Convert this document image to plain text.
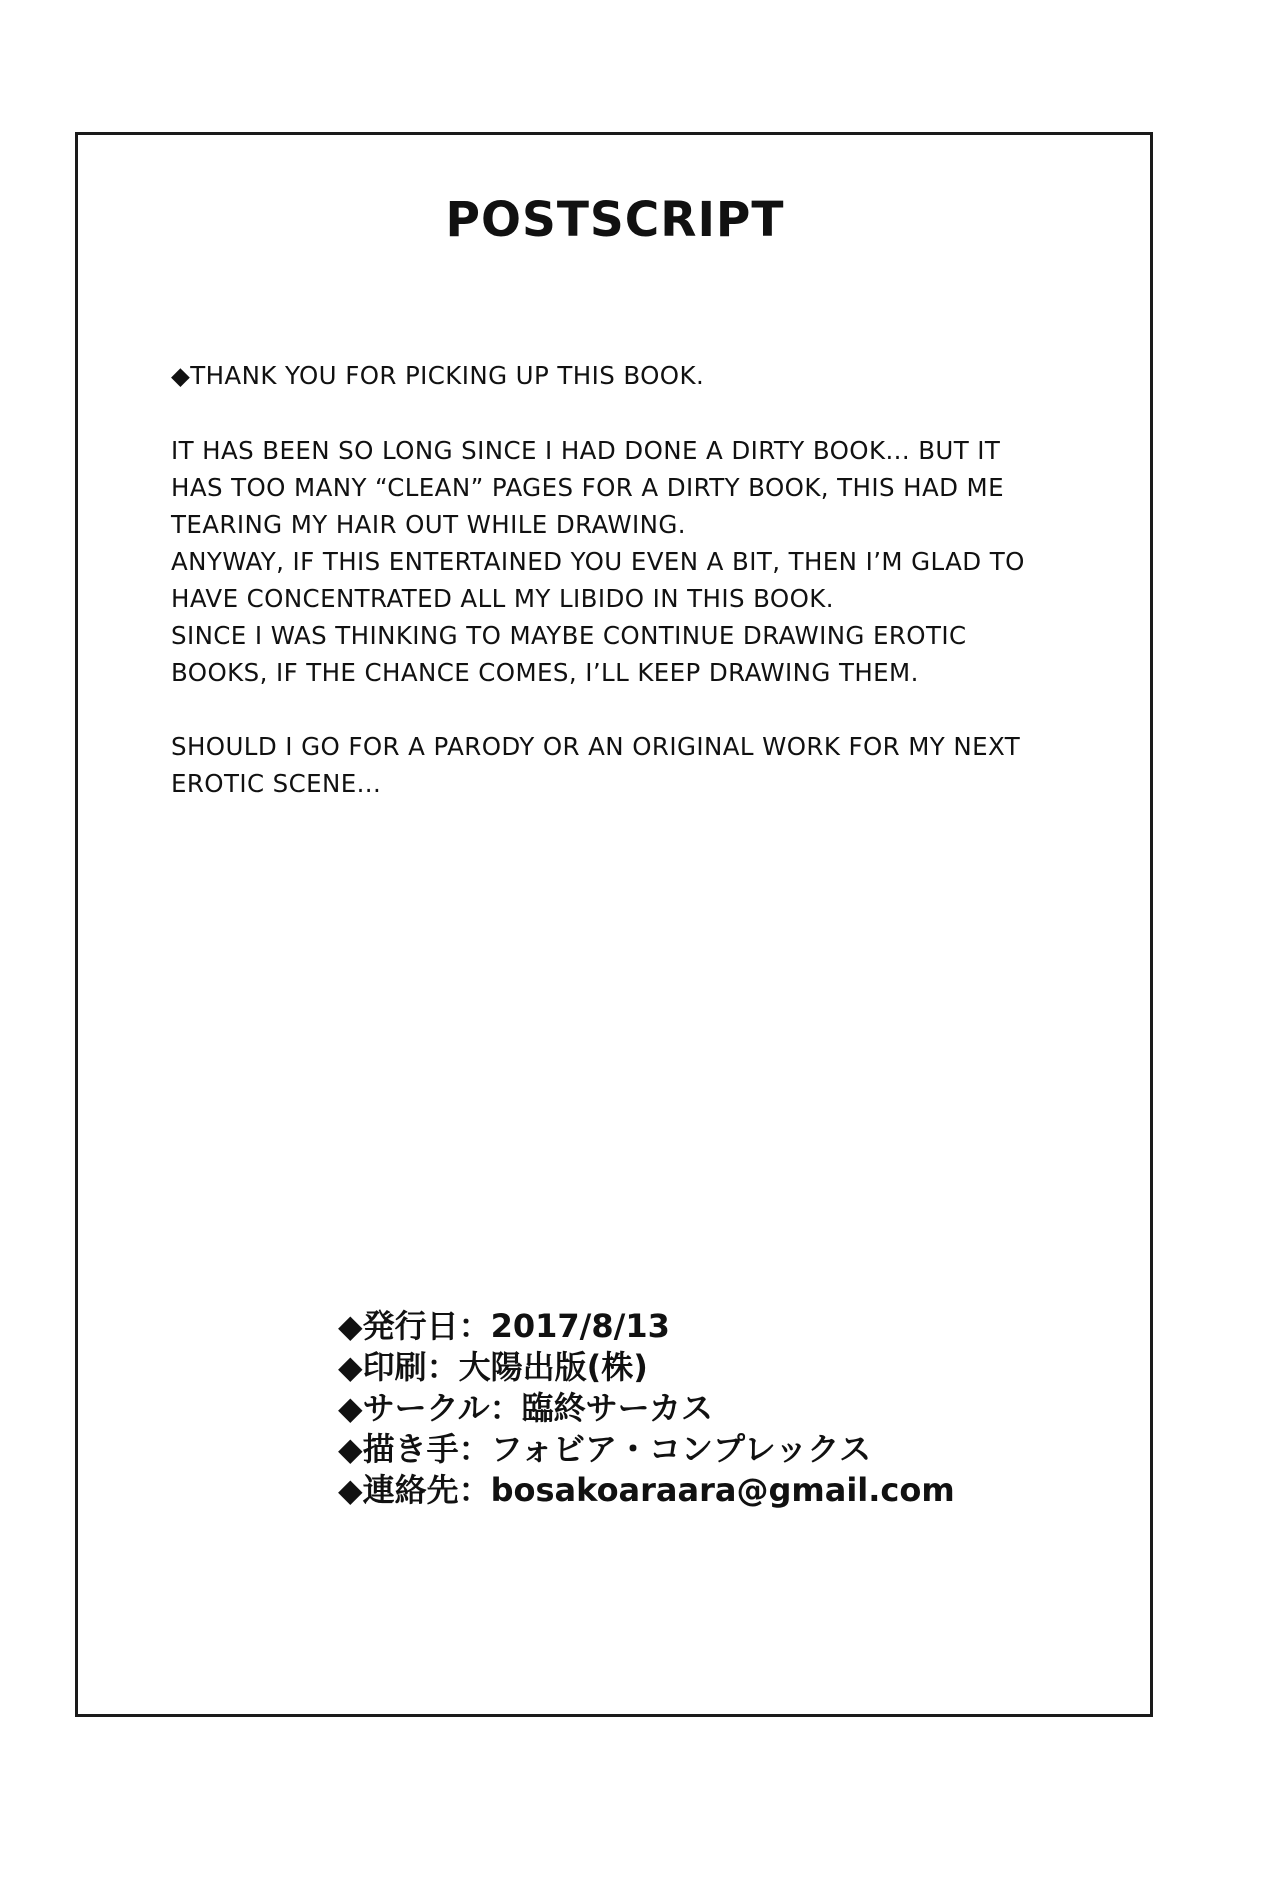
POSTSCRIPT
◆THANK YOU FOR PICKING UP THIS BOOK.
IT HAS BEEN SO LONG SINCE I HAD DONE A DIRTY BOOK... BUT IT
HAS TOO MANY “CLEAN” PAGES FOR A DIRTY BOOK, THIS HAD ME
TEARING MY HAIR OUT WHILE DRAWING.
ANYWAY, IF THIS ENTERTAINED YOU EVEN A BIT, THEN I’M GLAD TO
HAVE CONCENTRATED ALL MY LIBIDO IN THIS BOOK.
SINCE I WAS THINKING TO MAYBE CONTINUE DRAWING EROTIC
BOOKS, IF THE CHANCE COMES, I’LL KEEP DRAWING THEM.
SHOULD I GO FOR A PARODY OR AN ORIGINAL WORK FOR MY NEXT
EROTIC SCENE...
◆発行日：2017/8/13
◆印刷：大陽出版(株)
◆サークル：臨終サーカス
◆描き手：フォビア・コンプレックス
◆連絡先：bosakoaraara@gmail.com
